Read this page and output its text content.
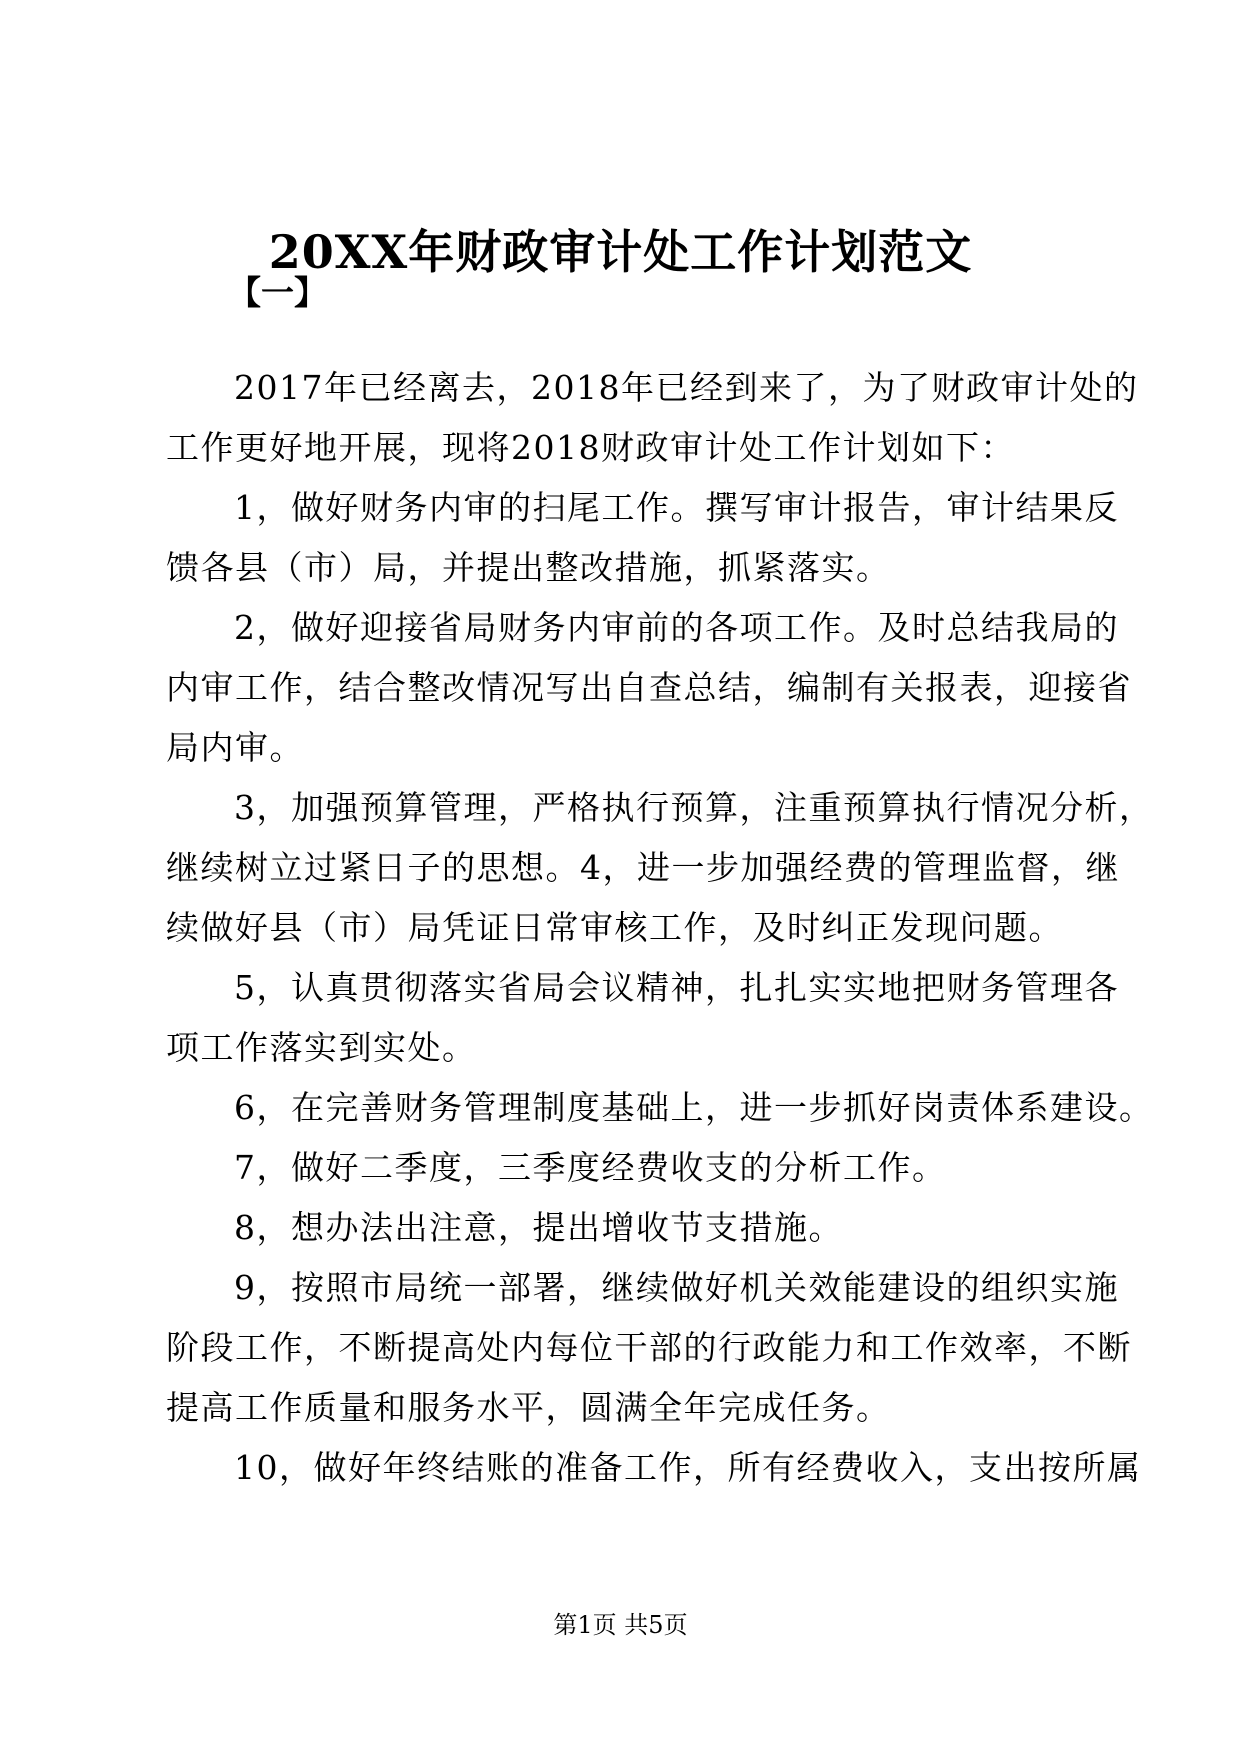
20XX年财政审计处工作计划范文
【一】
2017年已经离去，2018年已经到来了，为了财政审计处的
工作更好地开展，现将2018财政审计处工作计划如下：
1，做好财务内审的扫尾工作。撰写审计报告，审计结果反
馈各县（市）局，并提出整改措施，抓紧落实。
2，做好迎接省局财务内审前的各项工作。及时总结我局的
内审工作，结合整改情况写出自查总结，编制有关报表，迎接省
局内审。
3，加强预算管理，严格执行预算，注重预算执行情况分析，
继续树立过紧日子的思想。4，进一步加强经费的管理监督，继
续做好县（市）局凭证日常审核工作，及时纠正发现问题。
5，认真贯彻落实省局会议精神，扎扎实实地把财务管理各
项工作落实到实处。
6，在完善财务管理制度基础上，进一步抓好岗责体系建设。
7，做好二季度，三季度经费收支的分析工作。
8，想办法出注意，提出增收节支措施。
9，按照市局统一部署，继续做好机关效能建设的组织实施
阶段工作，不断提高处内每位干部的行政能力和工作效率，不断
提高工作质量和服务水平，圆满全年完成任务。
10，做好年终结账的准备工作，所有经费收入，支出按所属
第1页 共5页
